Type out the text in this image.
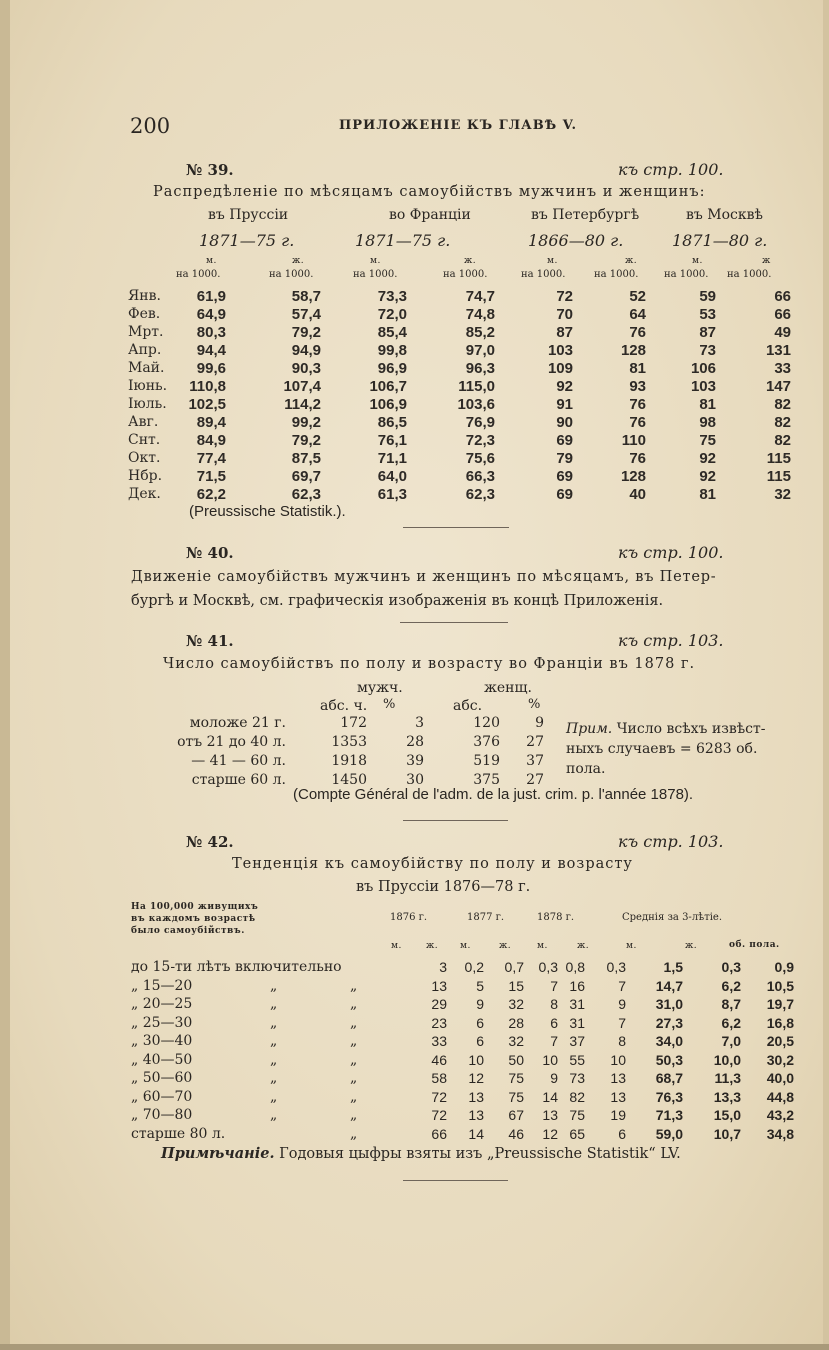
200	ПРИЛОЖЕНІЕ КЪ ГЛАВѢ V.
№ 39.	къ стр. 100.
Распредѣленіе по мѣсяцамъ самоубійствъ мужчинъ и женщинъ:
въ Пруссіи
1871—75 г.
во Франціи
1871—75 г.
въ Петербургѣ
1866—80 г.
въ Москвѣ
1871—80 г.
м.	ж.	м.	ж.	м.	ж.	м.	ж
на 1000.	на 1000.	на 1000.	на 1000.	на 1000.	на 1000.	на 1000. на 1000.
Янв.	61,9	58,7	73,3	74,7	72	52	59	66
Фев.	64,9	57,4	72,0	74,8	70	64	53	66
Мрт.	80,3	79,2	85,4	85,2	87	76	87	49
Апр.	94,4	94,9	99,8	97,0	103	128	73	131
Май.	99,6	90,3	96,9	96,3	109	81	106	33
Іюнь.	110,8	107,4	106,7	115,0	92	93	103	147
Іюль.	102,5	114,2	106,9	103,6	91	76	81	82
Авг.	89,4	99,2	86,5	76,9	90	76	98	82
Снт.	84,9	79,2	76,1	72,3	69	110	75	82
Окт.	77,4	87,5	71,1	75,6	79	76	92	115
Нбр.	71,5	69,7	64,0	66,3	69	128	92	115
Дек.	62,2	62,3	61,3	62,3	69	40	81	32
(Preussische Statistik.).
№ 40.	къ стр. 100.
Движеніе самоубійствъ мужчинъ и женщинъ по мѣсяцамъ, въ Петер-
бургѣ и Москвѣ, см. графическія изображенія въ концѣ Приложенія.
№ 41.	къ стр. 103.
Число самоубійствъ по полу и возрасту во Франціи въ 1878 г.
мужч.	женщ.
абс. ч. %	абс.	%
моложе 21 г.	172	3	120	9
отъ 21 до 40 л.	1353	28	376	27
— 41 — 60 л.	1918	39	519	37
старше 60 л.	1450	30	375	27
Прим. Число всѣхъ извѣст-
ныхъ случаевъ = 6283 об.
пола.
(Compte Général de l'adm. de la just. crim. p. l'année 1878).
№ 42.	къ стр. 103.
Тенденція къ самоубійству по полу и возрасту
въ Пруссіи 1876—78 г.
На 100,000 живущихъ
въ каждомъ возрастѣ
было самоубійствъ.
1876 г.	1877 г.	1878 г.	Среднія за 3-лѣтіе.
м.	ж. м.	ж.	м.	ж.	м.	ж.	об. пола.
до 15-ти лѣтъ включительно			3	0,2	0,7	0,3	0,8	0,3	1,5	0,3	0,9
„ 15—20	„	„	13	5	15	7	16	7	14,7	6,2	10,5
„ 20—25	„	„	29	9	32	8	31	9	31,0	8,7	19,7
„ 25—30	„	„	23	6	28	6	31	7	27,3	6,2	16,8
„ 30—40	„	„	33	6	32	7	37	8	34,0	7,0	20,5
„ 40—50	„	„	46	10	50	10	55	10	50,3	10,0	30,2
„ 50—60	„	„	58	12	75	9	73	13	68,7	11,3	40,0
„ 60—70	„	„	72	13	75	14	82	13	76,3	13,3	44,8
„ 70—80	„	„	72	13	67	13	75	19	71,3	15,0	43,2
старше 80 л.		„	66	14	46	12	65	6	59,0	10,7	34,8
Примѣчаніе. Годовыя цыфры взяты изъ „Preussische Statistik“ LV.
